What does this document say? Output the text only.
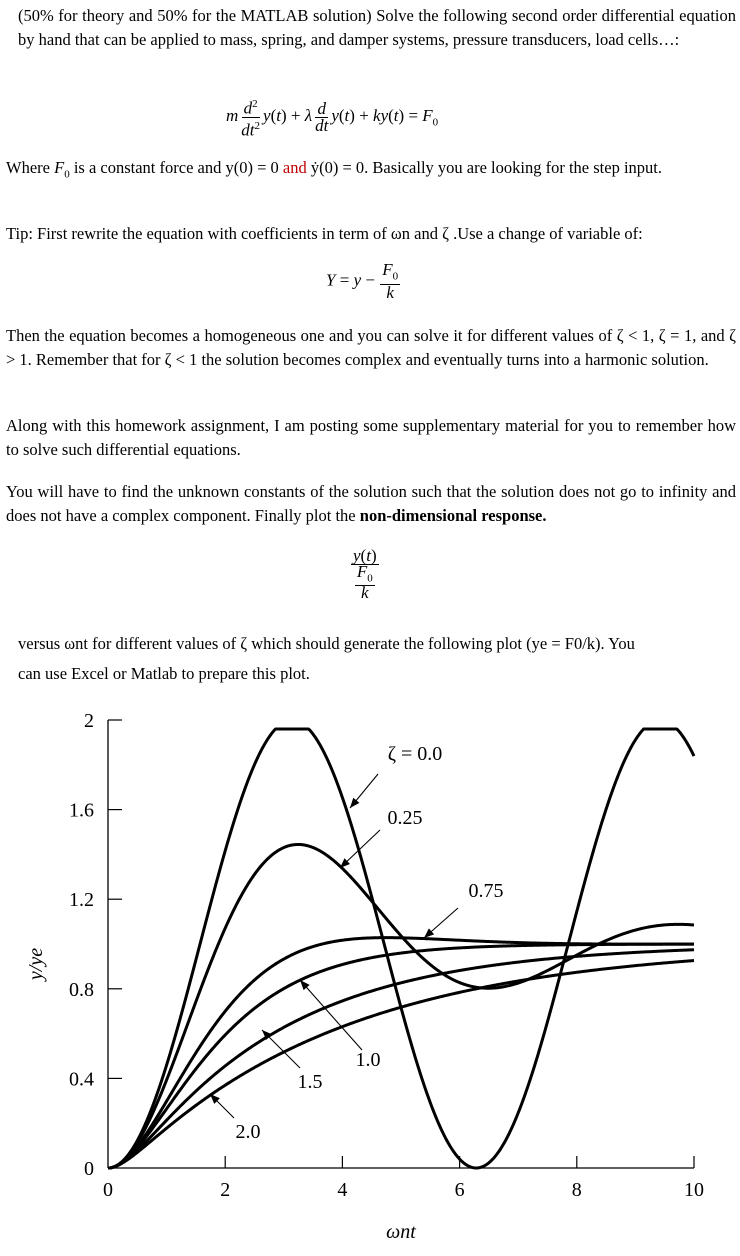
(50% for theory and 50% for the MATLAB solution) Solve the following second order differential equation by hand that can be applied to mass, spring, and damper systems, pressure transducers, load cells…:
m $\frac{d^2}{dt^2} y(t) + \lambda \frac{d}{dt} y(t) + ky(t) = F_0$
Where $F_0$ is a constant force and y(0) = 0 and ẏ(0) = 0. Basically you are looking for the step input.
Tip: First rewrite the equation with coefficients in term of ωn and ζ .Use a change of variable of:
$Y = y - \frac{F_0}{k}$
Then the equation becomes a homogeneous one and you can solve it for different values of ζ < 1, ζ = 1, and ζ > 1. Remember that for ζ < 1 the solution becomes complex and eventually turns into a harmonic solution.
Along with this homework assignment, I am posting some supplementary material for you to remember how to solve such differential equations.
You will have to find the unknown constants of the solution such that the solution does not go to infinity and does not have a complex component. Finally plot the non-dimensional response.
$\frac{y(t)}{\frac{F_0}{k}}$
versus ωnt for different values of ζ which should generate the following plot (ye = F0/k). You
can use Excel or Matlab to prepare this plot.
0
0.4
0.8
1.2
1.6
2
0	2	4	6	8	10
ωnt
y/ye
ζ = 0.0
0.25
0.75
1.0
1.5
2.0
